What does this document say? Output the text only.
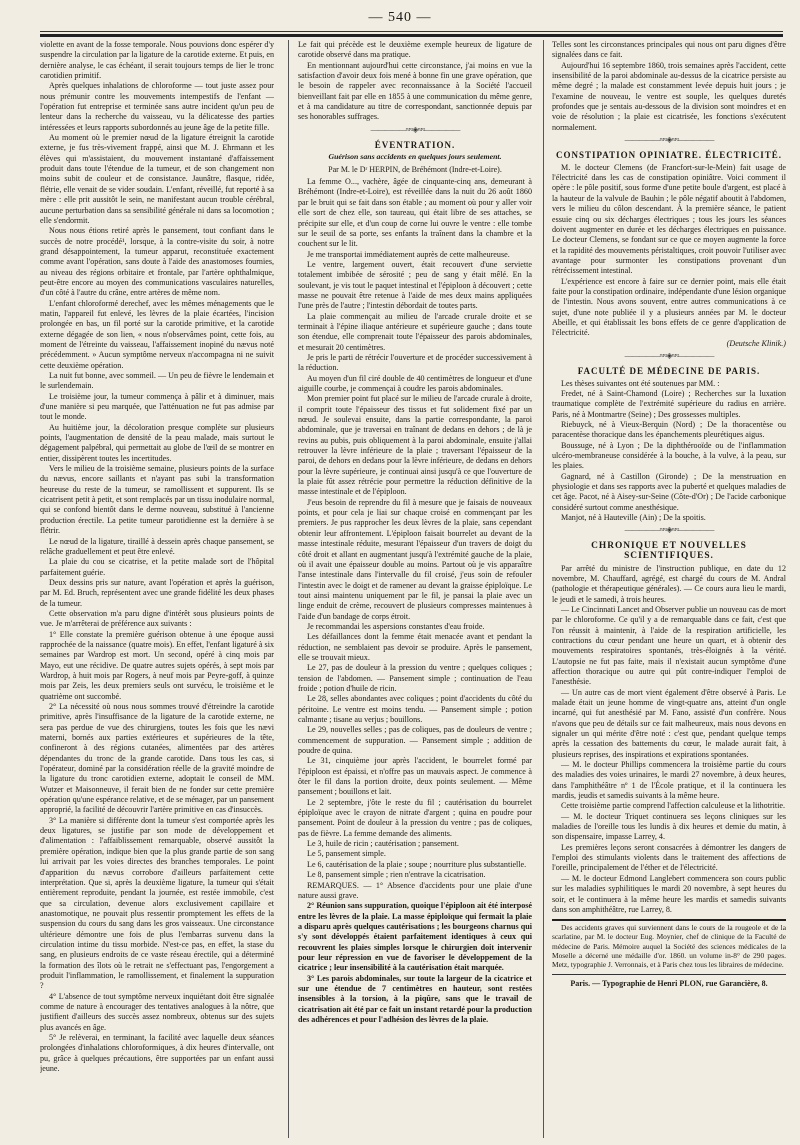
— 540 —

violette en avant de la fosse temporale. Nous pouvions donc espérer d'y suspendre la circulation par la ligature de la carotide externe. Et puis, en dernière analyse, le cas échéant, il serait toujours temps de lier le tronc carotidien primitif.

Après quelques inhalations de chloroforme — tout juste assez pour nous prémunir contre les mouvements intempestifs de l'enfant — l'opération fut entreprise et terminée sans autre incident qu'un peu de lenteur dans la recherche du vaisseau, vu la délicatesse des parties intéressées et leurs rapports subordonnés au jeune âge de la petite fille.

Au moment où le premier nœud de la ligature étreignit la carotide externe, je fus très-vivement frappé, ainsi que M. J. Ehrmann et les élèves qui m'assistaient, du mouvement instantané d'affaissement produit dans toute l'étendue de la tumeur, et de son changement non moins subit de couleur et de consistance. Jaunâtre, flasque, ridée, flétrie, elle venait de se vider soudain. L'enfant, réveillé, fut reporté à sa mère : elle prit aussitôt le sein, ne manifestant aucun trouble cérébral, aucune perturbation dans sa sensibilité générale ni dans sa locomotion ; elle s'endormit.

Nous nous étions retiré après le pansement, tout confiant dans le succès de notre procédé¹, lorsque, à la contre-visite du soir, à notre grand désappointement, la tumeur apparut, reconstituée exactement comme avant l'opération, sans doute à l'aide des anastomoses fournies, au niveau des régions orbitaire et frontale, par l'artère ophthalmique, peut-être encore au moyen des communications vasculaires naturelles, d'un côté à l'autre du crâne, entre artères de même nom.

L'enfant chloroformé derechef, avec les mêmes ménagements que le matin, l'appareil fut enlevé, les lèvres de la plaie écartées, l'incision prolongée en bas, un fil porté sur la carotide primitive, et la carotide externe dégagée de son lien, « nous n'observâmes point, cette fois, au moment de l'étreinte du vaisseau, l'affaissement inopiné du nævus noté précédemment. » Aucun symptôme nerveux n'accompagna ni ne suivit cette deuxième opération.

La nuit fut bonne, avec sommeil. — Un peu de fièvre le lendemain et le surlendemain.

Le troisième jour, la tumeur commença à pâlir et à diminuer, mais d'une manière si peu marquée, que l'atténuation ne fut pas admise par tout le monde.

Au huitième jour, la décoloration presque complète sur plusieurs points, l'augmentation de densité de la peau malade, mais surtout le dégagement palpébral, qui permettait au globe de l'œil de se montrer en entier, dissipèrent toutes les incertitudes.

Vers le milieu de la troisième semaine, plusieurs points de la surface du nævus, encore saillants et n'ayant pas subi la transformation heureuse du reste de la tumeur, se ramollissent et suppurent. Ils se cicatrisent petit à petit, et sont remplacés par un tissu inodulaire normal, qui se confond bientôt dans le derme nouveau, substitué à l'ancienne production érectile. La petite tumeur parotidienne est la dernière à se flétrir.

Le nœud de la ligature, tiraillé à dessein après chaque pansement, se relâche graduellement et peut être enlevé.

La plaie du cou se cicatrise, et la petite malade sort de l'hôpital parfaitement guérie.

Deux dessins pris sur nature, avant l'opération et après la guérison, par M. Ed. Bruch, représentent avec une grande fidélité les deux phases de la tumeur.

Cette observation m'a paru digne d'intérêt sous plusieurs points de vue. Je m'arrêterai de préférence aux suivants :

1° Elle constate la première guérison obtenue à une époque aussi rapprochée de la naissance (quatre mois). En effet, l'enfant ligaturé à six semaines par Wardrop est mort. Un second, opéré à cinq mois par Mayo, eut une récidive. De quatre autres sujets opérés, à sept mois par Wardrop, à huit mois par Rogers, à neuf mois par Peyre-goff, à quinze mois par Zeis, les deux premiers seuls ont survécu, le troisième et le quatrième ont succombé.

2° La nécessité où nous nous sommes trouvé d'étreindre la carotide primitive, après l'insuffisance de la ligature de la carotide externe, ne sera pas perdue de vue des chirurgiens, toutes les fois que les nævi materni, bornés aux parties extérieures et supérieures de la tête, confineront à des régions cutanées, alimentées par des artères dépendantes du tronc de la grande carotide. Dans tous les cas, si l'opérateur, dominé par la considération réelle de la gravité moindre de la ligature du tronc carotidien externe, adoptait le conseil de MM. Wutzer et Maisonneuve, il ferait bien de ne fonder sur cette première opération qu'une espérance relative, et de se ménager, par un pansement approprié, la facilité de découvrir l'artère primitive en cas d'insuccès.

3° La manière si différente dont la tumeur s'est comportée après les deux ligatures, se justifie par son mode de développement et d'alimentation : l'affaiblissement remarquable, observé aussitôt la première opération, indique bien que la plus grande partie de son sang lui arrivait par les voies directes des branches temporales. Le point d'apparition du nævus corrobore d'ailleurs parfaitement cette interprétation. Que si, après la deuxième ligature, la tumeur qui s'était entièrement reproduite, pendant la journée, est restée immobile, c'est que sa circulation, devenue alors exclusivement capillaire et anastomotique, ne pouvait plus ressentir promptement les effets de la suspension du cours du sang dans les gros vaisseaux. Une circonstance ultérieure démontre une fois de plus l'embarras survenu dans la circulation intime du tissu morbide. N'est-ce pas, en effet, la stase du sang, en plusieurs endroits de ce vaste réseau érectile, qui a déterminé la formation des îlots où le retrait ne s'effectuant pas, l'engorgement a produit l'inflammation, le ramollissement, et finalement la suppuration ?

4° L'absence de tout symptôme nerveux inquiétant doit être signalée comme de nature à encourager des tentatives analogues à la nôtre, que justifient d'ailleurs des succès assez nombreux, obtenus sur des sujets plus avancés en âge.

5° Je relèverai, en terminant, la facilité avec laquelle deux séances prolongées d'inhalations chloroformiques, à dix heures d'intervalle, ont pu, grâce à quelques précautions, être supportées par un enfant aussi jeune.

Le fait qui précède est le deuxième exemple heureux de ligature de carotide observé dans ma pratique.

En mentionnant aujourd'hui cette circonstance, j'ai moins en vue la satisfaction d'avoir deux fois mené à bonne fin une grave opération, que le besoin de rappeler avec reconnaissance à la Société l'accueil bienveillant fait par elle en 1855 à une communication du même genre, et à ma candidature au titre de correspondant, sanctionnée depuis par ses honorables suffrages.

—————≈≈◈≈≈—————
ÉVENTRATION.
Guérison sans accidents en quelques jours seulement.
Par M. le Dʳ HERPIN, de Bréhémont (Indre-et-Loire).

La femme O..., vachère, âgée de cinquante-cinq ans, demeurant à Bréhémont (Indre-et-Loire), est réveillée dans la nuit du 26 août 1860 par le bruit qui se fait dans son étable ; au moment où pour y aller voir elle sort de chez elle, son taureau, qui était libre de ses attaches, se précipite sur elle, et d'un coup de corne lui ouvre le ventre : elle tombe sur le seuil de sa porte, ses enfants la traînent dans la chambre et la couchent sur le lit.

Je me transportai immédiatement auprès de cette malheureuse.

Le ventre, largement ouvert, était recouvert d'une serviette totalement imbibée de sérosité ; peu de sang y était mêlé. En la soulevant, je vis tout le paquet intestinal et l'épiploon à découvert ; cette masse ne pouvait être retenue à l'aide de mes deux mains appliquées l'une près de l'autre ; l'intestin débordait de toutes parts.

La plaie commençait au milieu de l'arcade crurale droite et se terminait à l'épine iliaque antérieure et supérieure gauche ; dans toute son étendue, elle comprenait toute l'épaisseur des parois abdominales, et mesurait 20 centimètres.

Je pris le parti de rétrécir l'ouverture et de procéder successivement à la réduction.

Au moyen d'un fil ciré double de 40 centimètres de longueur et d'une aiguille courbe, je commençai à coudre les parois abdominales.

Mon premier point fut placé sur le milieu de l'arcade crurale à droite, il comprit toute l'épaisseur des tissus et fut solidement fixé par un nœud. Je soulevai ensuite, dans la partie correspondante, la paroi abdominale, que je traversai en traînant de dedans en dehors ; de là je revins au pubis, puis obliquement à la paroi abdominale, ensuite j'allai retrouver la lèvre inférieure de la plaie ; traversant l'épaisseur de la paroi, de dehors en dedans pour la lèvre inférieure, de dedans en dehors pour la lèvre supérieure, je continuai ainsi jusqu'à ce que l'ouverture de la plaie fût assez rétrécie pour permettre la réduction définitive de la masse intestinale et de l'épiploon.

J'eus besoin de reprendre du fil à mesure que je faisais de nouveaux points, et pour cela je liai sur chaque croisé en commençant par les premiers. Je pus rapprocher les deux lèvres de la plaie, sans cependant obtenir leur affrontement. L'épiploon faisait bourrelet au devant de la masse intestinale réduite, mesurant l'épaisseur d'un travers de doigt du côté droit et allant en augmentant jusqu'à l'extrémité gauche de la plaie, où il avait une épaisseur double au moins. Partout où je vis apparaître l'anse intestinale dans l'intervalle du fil croisé, j'eus soin de refouler l'intestin avec le doigt et de ramener au devant la graisse épiploïque. Le tout ainsi maintenu uniquement par le fil, je pansai la plaie avec un linge enduit de crème, recouvert de plusieurs compresses maintenues à l'aide d'un bandage de corps étroit.

Je recommandai les aspersions constantes d'eau froide.

Les défaillances dont la femme était menacée avant et pendant la réduction, ne semblaient pas devoir se produire. Après le pansement, elle se trouvait mieux.

Le 27, pas de douleur à la pression du ventre ; quelques coliques ; tension de l'abdomen. — Pansement simple ; continuation de l'eau froide ; potion d'huile de ricin.

Le 28, selles abondantes avec coliques ; point d'accidents du côté du péritoine. Le ventre est moins tendu. — Pansement simple ; potion calmante ; tisane au verjus ; bouillons.

Le 29, nouvelles selles ; pas de coliques, pas de douleurs de ventre ; commencement de suppuration. — Pansement simple ; addition de poudre de quina.

Le 31, cinquième jour après l'accident, le bourrelet formé par l'épiploon est épaissi, et n'offre pas un mauvais aspect. Je commence à ôter le fil dans la portion droite, deux points seulement. — Même pansement ; bouillons et lait.

Le 2 septembre, j'ôte le reste du fil ; cautérisation du bourrelet épiploïque avec le crayon de nitrate d'argent ; quina en poudre pour pansement. Point de douleur à la pression du ventre ; pas de coliques, pas de fièvre. La femme demande des aliments.

Le 3, huile de ricin ; cautérisation ; pansement.

Le 5, pansement simple.

Le 6, cautérisation de la plaie ; soupe ; nourriture plus substantielle.

Le 8, pansement simple ; rien n'entrave la cicatrisation.

REMARQUES. — 1° Absence d'accidents pour une plaie d'une nature aussi grave.

2° Réunion sans suppuration, quoique l'épiploon ait été interposé entre les lèvres de la plaie. La masse épiploïque qui fermait la plaie a disparu après quelques cautérisations ; les bourgeons charnus qui s'y sont développés étaient parfaitement identiques à ceux qui recouvrent les plaies simples lorsque le chirurgien doit intervenir pour leur répression en vue de favoriser le développement de la cicatrice ; leur insensibilité à la cautérisation était marquée.

3° Les parois abdominales, sur toute la largeur de la cicatrice et sur une étendue de 7 centimètres en hauteur, sont restées insensibles à la torsion, à la piqûre, sans que le travail de cicatrisation ait été par ce fait un instant retardé pour la production des adhérences et pour l'adhésion des lèvres de la plaie.

Telles sont les circonstances principales qui nous ont paru dignes d'être signalées dans ce fait.

Aujourd'hui 16 septembre 1860, trois semaines après l'accident, cette insensibilité de la paroi abdominale au-dessus de la cicatrice persiste au même degré ; la malade est constamment levée depuis huit jours ; je l'examine de nouveau, le ventre est souple, les quelques duretés profondes que je sentais au-dessous de la division sont moindres et en voie de résolution ; la plaie est cicatrisée, les fonctions s'exécutent normalement.

—————≈≈◈≈≈—————
CONSTIPATION OPINIATRE. ÉLECTRICITÉ.

M. le docteur Clemens (de Francfort-sur-le-Mein) fait usage de l'électricité dans les cas de constipation opiniâtre. Voici comment il opère : le pôle positif, sous forme d'une petite boule d'argent, est placé à la hauteur de la valvule de Bauhin ; le pôle négatif aboutit à l'abdomen, vers le milieu du côlon descendant. À la première séance, le patient essuie cinq ou six décharges électriques ; tous les jours les séances doivent augmenter en durée et les décharges électriques en puissance. Le docteur Clemens, se fondant sur ce que ce moyen augmente la force et la rapidité des mouvements péristaltiques, croit pouvoir l'utiliser avec avantage pour surmonter les constipations provenant d'un rétrécissement intestinal.

L'expérience est encore à faire sur ce dernier point, mais elle était faite pour la constipation ordinaire, indépendante d'une lésion organique de l'intestin. Nous avons souvent, entre autres communications à ce sujet, d'une note publiée il y a plusieurs années par M. le docteur Abeille, et qui établissait les bons effets de ce genre d'application de l'électricité.

(Deutsche Klinik.)

—————≈≈◈≈≈—————
FACULTÉ DE MÉDECINE DE PARIS.

Les thèses suivantes ont été soutenues par MM. :

Fredet, né à Saint-Chamond (Loire) ; Recherches sur la luxation traumatique complète de l'extrémité supérieure du radius en arrière. Paris, né à Montmartre (Seine) ; Des grossesses multiples.

Riebuyck, né à Vieux-Berquin (Nord) ; De la thoracentèse ou paracentèse thoracique dans les épanchements pleurétiques aigus.

Boussuge, né à Lyon ; De la diphthérooïde ou de l'inflammation ulcéro-membraneuse considérée à la bouche, à la vulve, à la peau, sur les plaies.

Gagnard, né à Castillon (Gironde) ; De la menstruation en physiologie et dans ses rapports avec la puberté et quelques maladies de cet âge. Pacot, né à Aisey-sur-Seine (Côte-d'Or) ; De l'acide carbonique considéré surtout comme anesthésique.

Manjot, né à Hauteville (Ain) ; De la spoitis.

—————≈≈◈≈≈—————
CHRONIQUE ET NOUVELLES SCIENTIFIQUES.

Par arrêté du ministre de l'instruction publique, en date du 12 novembre, M. Chauffard, agrégé, est chargé du cours de M. Andral (pathologie et thérapeutique générales). — Ce cours aura lieu le mardi, le jeudi et le samedi, à trois heures.

— Le Cincinnati Lancet and Observer publie un nouveau cas de mort par le chloroforme. Ce qu'il y a de remarquable dans ce fait, c'est que l'on réussit à maintenir, à l'aide de la respiration artificielle, les contractions du cœur pendant une heure un quart, et à obtenir des mouvements respiratoires spontanés, très-éloignés à la vérité. L'autopsie ne fut pas faite, mais il n'existait aucun symptôme d'une affection thoracique ou autre qui pût contre-indiquer l'emploi de l'anesthésie.

— Un autre cas de mort vient également d'être observé à Paris. Le malade était un jeune homme de vingt-quatre ans, atteint d'un ongle incarné, qui fut anesthésié par M. Fano, assisté d'un confrère. Nous n'avons que peu de détails sur ce fait malheureux, mais nous devons en signaler un qui mérite d'être noté : c'est que, pendant quelque temps après la cessation des battements du cœur, le malade aurait fait, à plusieurs reprises, des inspirations et expirations spontanées.

— M. le docteur Phillips commencera la troisième partie du cours des maladies des voies urinaires, le mardi 27 novembre, à deux heures, dans l'amphithéâtre nº 1 de l'École pratique, et il la continuera les mardis, jeudis et samedis suivants à la même heure.

Cette troisième partie comprend l'affection calculeuse et la lithotritie.

— M. le docteur Triquet continuera ses leçons cliniques sur les maladies de l'oreille tous les lundis à dix heures et demie du matin, à son dispensaire, impasse Larrey, 4.

Les premières leçons seront consacrées à démontrer les dangers de l'emploi des stimulants violents dans le traitement des affections de l'oreille, principalement de l'éther et de l'électricité.

— M. le docteur Edmond Langlebert commencera son cours public sur les maladies syphilitiques le mardi 20 novembre, à sept heures du soir, et le continuera à la même heure les mardis et samedis suivants dans son amphithéâtre, rue Larrey, 8.

Des accidents graves qui surviennent dans le cours de la rougeole et de la scarlatine, par M. le docteur Eug. Moynier, chef de clinique de la Faculté de médecine de Paris. Mémoire auquel la Société des sciences médicales de la Moselle a décerné une médaille d'or. 1860. un volume in-8° de 290 pages. Metz, typographie J. Verronnais, et à Paris chez tous les libraires de médecine.

Paris. — Typographie de Henri PLON, rue Garancière, 8.
